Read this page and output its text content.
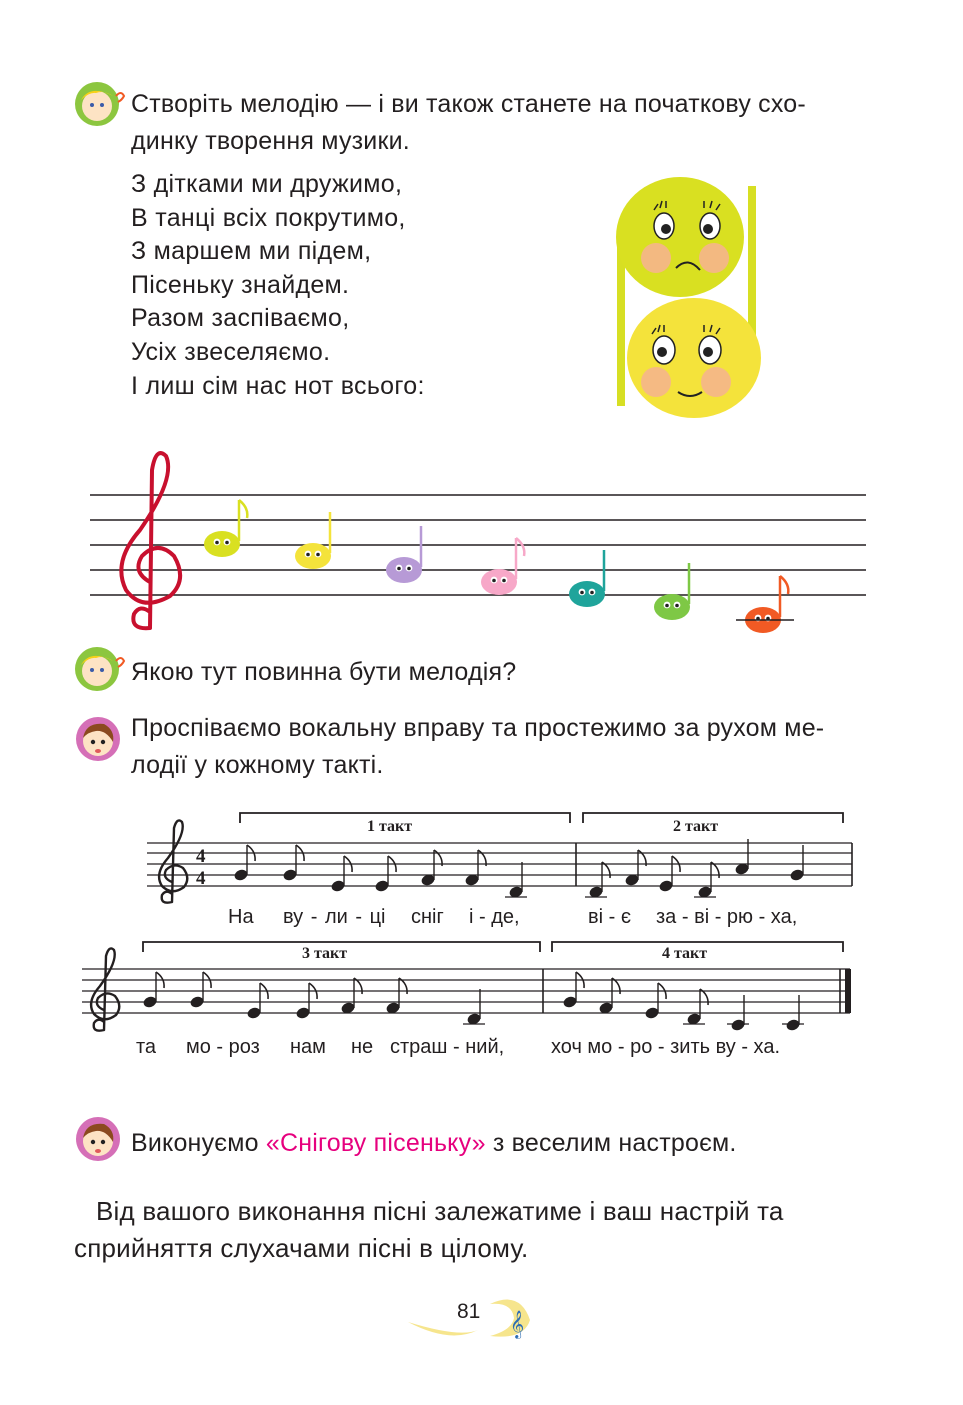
Створіть мелодію — і ви також станете на початкову схо-
динку творення музики.
З дітками ми дружимо,
В танці всіх покрутимо,
З маршем ми підем,
Пісеньку знайдем.
Разом заспіваємо,
Усіх звеселяємо.
І лиш сім нас нот всього:
Якою тут повинна бути мелодія?
Проспіваємо вокальну вправу та простежимо за рухом ме-
лодії у кожному такті.
Виконуємо «Снігову пісеньку» з веселим настроєм.
Від вашого виконання пісні залежатиме і ваш настрій та
сприйняття слухачами пісні в цілому.
1 такт	2 такт
3 такт	4 такт
На ву - ли - ці сніг і - де,	ві - є за - ві - рю - ха,
та мо - роз нам не страш - ний, хоч мо - ро - зить ву - ха.
81
4
4
𝄞
